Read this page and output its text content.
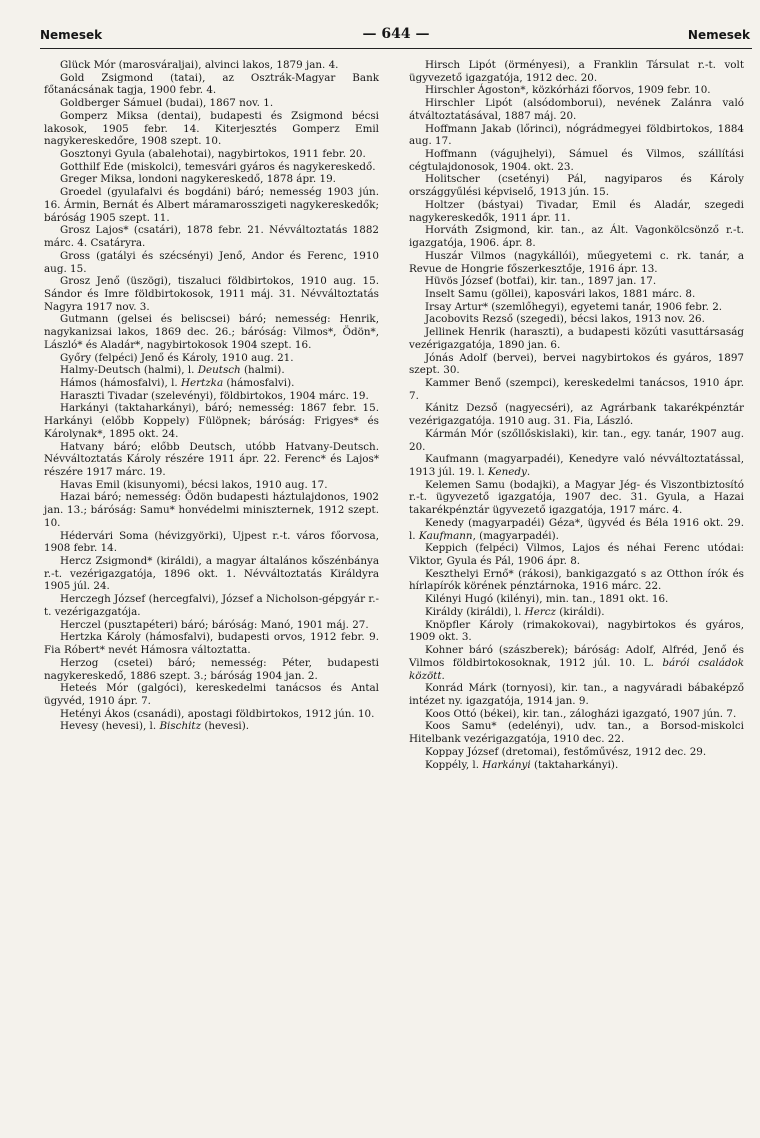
Nemesek	— 644 —	Nemesek

Glück Mór (marosváraljai), alvinci lakos, 1879 jan. 4.

Gold Zsigmond (tatai), az Osztrák-Magyar Bank főtanácsának tagja, 1900 febr. 4.

Goldberger Sámuel (budai), 1867 nov. 1.

Gomperz Miksa (dentai), budapesti és Zsigmond bécsi lakosok, 1905 febr. 14. Kiterjesztés Gomperz Emil nagykereskedőre, 1908 szept. 10.

Gosztonyi Gyula (abalehotai), nagybirtokos, 1911 febr. 20.

Gotthilf Ede (miskolci), temesvári gyáros és nagykereskedő.

Greger Miksa, londoni nagykereskedő, 1878 ápr. 19.

Groedel (gyulafalvi és bogdáni) báró; nemesség 1903 jún. 16. Ármin, Bernát és Albert máramarosszigeti nagykereskedők; báróság 1905 szept. 11.

Grosz Lajos* (csatári), 1878 febr. 21. Névváltoztatás 1882 márc. 4. Csatáryra.

Gross (gatályi és szécsényi) Jenő, Andor és Ferenc, 1910 aug. 15.

Grosz Jenő (üszögi), tiszaluci földbirtokos, 1910 aug. 15. Sándor és Imre földbirtokosok, 1911 máj. 31. Névváltoztatás Nagyra 1917 nov. 3.

Gutmann (gelsei és beliscsei) báró; nemesség: Henrik, nagykanizsai lakos, 1869 dec. 26.; báróság: Vilmos*, Ödön*, László* és Aladár*, nagybirtokosok 1904 szept. 16.

Győry (felpéci) Jenő és Károly, 1910 aug. 21.

Halmy-Deutsch (halmi), l. Deutsch (halmi).

Hámos (hámosfalvi), l. Hertzka (hámosfalvi).

Haraszti Tivadar (szelevényi), földbirtokos, 1904 márc. 19.

Harkányi (taktaharkányi), báró; nemesség: 1867 febr. 15. Harkányi (előbb Koppely) Fülöpnek; báróság: Frigyes* és Károlynak*, 1895 okt. 24.

Hatvany báró; előbb Deutsch, utóbb Hatvany-Deutsch. Névváltoztatás Károly részére 1911 ápr. 22. Ferenc* és Lajos* részére 1917 márc. 19.

Havas Emil (kisunyomi), bécsi lakos, 1910 aug. 17.

Hazai báró; nemesség: Ödön budapesti háztulajdonos, 1902 jan. 13.; báróság: Samu* honvédelmi miniszternek, 1912 szept. 10.

Hédervári Soma (hévizgyörki), Ujpest r.-t. város főorvosa, 1908 febr. 14.

Hercz Zsigmond* (királdi), a magyar általános kőszénbánya r.-t. vezérigazgatója, 1896 okt. 1. Névváltoztatás Királdyra 1905 júl. 24.

Herczegh József (hercegfalvi), József a Nicholson-gépgyár r.-t. vezérigazgatója.

Herczel (pusztapéteri) báró; báróság: Manó, 1901 máj. 27.

Hertzka Károly (hámosfalvi), budapesti orvos, 1912 febr. 9. Fia Róbert* nevét Hámosra változtatta.

Herzog (csetei) báró; nemesség: Péter, budapesti nagykereskedő, 1886 szept. 3.; báróság 1904 jan. 2.

Heteés Mór (galgóci), kereskedelmi tanácsos és Antal ügyvéd, 1910 ápr. 7.

Hetényi Ákos (csanádi), apostagi földbirtokos, 1912 jún. 10.

Hevesy (hevesi), l. Bischitz (hevesi).

Hirsch Lipót (örményesi), a Franklin Társulat r.-t. volt ügyvezető igazgatója, 1912 dec. 20.

Hirschler Ágoston*, közkórházi főorvos, 1909 febr. 10.

Hirschler Lipót (alsódomborui), nevének Zalánra való átváltoztatásával, 1887 máj. 20.

Hoffmann Jakab (lőrinci), nógrádmegyei földbirtokos, 1884 aug. 17.

Hoffmann (vágujhelyi), Sámuel és Vilmos, szállítási cégtulajdonosok, 1904. okt. 23.

Holitscher (csetényi) Pál, nagyiparos és Károly országgyűlési képviselő, 1913 jún. 15.

Holtzer (bástyai) Tivadar, Emil és Aladár, szegedi nagykereskedők, 1911 ápr. 11.

Horváth Zsigmond, kir. tan., az Ált. Vagonkölcsönző r.-t. igazgatója, 1906. ápr. 8.

Huszár Vilmos (nagykállói), műegyetemi c. rk. tanár, a Revue de Hongrie főszerkesztője, 1916 ápr. 13.

Hüvös József (botfai), kir. tan., 1897 jan. 17.

Inselt Samu (göllei), kaposvári lakos, 1881 márc. 8.

Irsay Artur* (szemlőhegyi), egyetemi tanár, 1906 febr. 2.

Jacobovits Rezső (szegedi), bécsi lakos, 1913 nov. 26.

Jellinek Henrik (haraszti), a budapesti közúti vasuttársaság vezérigazgatója, 1890 jan. 6.

Jónás Adolf (bervei), bervei nagybirtokos és gyáros, 1897 szept. 30.

Kammer Benő (szempci), kereskedelmi tanácsos, 1910 ápr. 7.

Kánitz Dezső (nagyecséri), az Agrárbank takarékpénztár vezérigazgatója. 1910 aug. 31. Fia, László.

Kármán Mór (szőllőskislaki), kir. tan., egy. tanár, 1907 aug. 20.

Kaufmann (magyarpadéi), Kenedyre való névváltoztatással, 1913 júl. 19. l. Kenedy.

Kelemen Samu (bodajki), a Magyar Jég- és Viszontbiztosító r.-t. ügyvezető igazgatója, 1907 dec. 31. Gyula, a Hazai takarékpénztár ügyvezető igazgatója, 1917 márc. 4.

Kenedy (magyarpadéi) Géza*, ügyvéd és Béla 1916 okt. 29. l. Kaufmann, (magyarpadéi).

Keppich (felpéci) Vilmos, Lajos és néhai Ferenc utódai: Viktor, Gyula és Pál, 1906 ápr. 8.

Keszthelyi Ernő* (rákosi), bankigazgató s az Otthon írók és hírlapírók körének pénztárnoka, 1916 márc. 22.

Kilényi Hugó (kilényi), min. tan., 1891 okt. 16.

Királdy (királdi), l. Hercz (királdi).

Knöpfler Károly (rimakokovai), nagybirtokos és gyáros, 1909 okt. 3.

Kohner báró (szászberek); báróság: Adolf, Alfréd, Jenő és Vilmos földbirtokosoknak, 1912 júl. 10. L. bárói családok között.

Konrád Márk (tornyosi), kir. tan., a nagyváradi bábaképző intézet ny. igazgatója, 1914 jan. 9.

Koos Ottó (békei), kir. tan., zálogházi igazgató, 1907 jún. 7.

Koos Samu* (edelényi), udv. tan., a Borsod-miskolci Hitelbank vezérigazgatója, 1910 dec. 22.

Koppay József (dretomai), festőművész, 1912 dec. 29.

Koppély, l. Harkányi (taktaharkányi).
